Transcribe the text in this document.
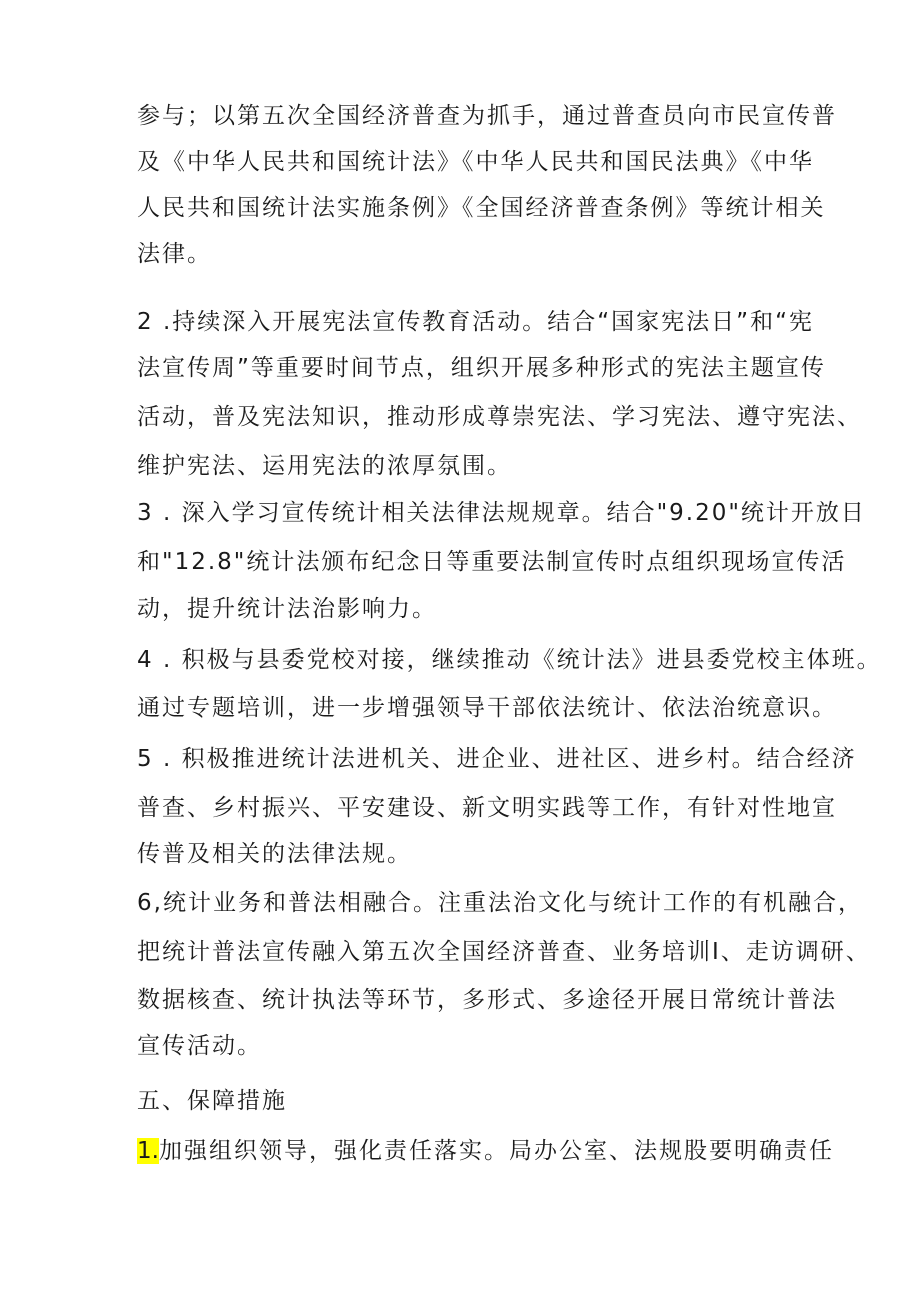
参与；以第五次全国经济普查为抓手，通过普查员向市民宣传普

及《中华人民共和国统计法》《中华人民共和国民法典》《中华

人民共和国统计法实施条例》《全国经济普查条例》等统计相关

法律。

2 .持续深入开展宪法宣传教育活动。结合“国家宪法日”和“宪

法宣传周”等重要时间节点，组织开展多种形式的宪法主题宣传

活动，普及宪法知识，推动形成尊崇宪法、学习宪法、遵守宪法、

维护宪法、运用宪法的浓厚氛围。

3 . 深入学习宣传统计相关法律法规规章。结合"9.20"统计开放日

和"12.8"统计法颁布纪念日等重要法制宣传时点组织现场宣传活

动，提升统计法治影响力。

4 . 积极与县委党校对接，继续推动《统计法》进县委党校主体班。

通过专题培训，进一步增强领导干部依法统计、依法治统意识。

5 . 积极推进统计法进机关、进企业、进社区、进乡村。结合经济

普查、乡村振兴、平安建设、新文明实践等工作，有针对性地宣

传普及相关的法律法规。

6,统计业务和普法相融合。注重法治文化与统计工作的有机融合，

把统计普法宣传融入第五次全国经济普查、业务培训I、走访调研、

数据核查、统计执法等环节，多形式、多途径开展日常统计普法

宣传活动。

五、保障措施

1.加强组织领导，强化责任落实。局办公室、法规股要明确责任
